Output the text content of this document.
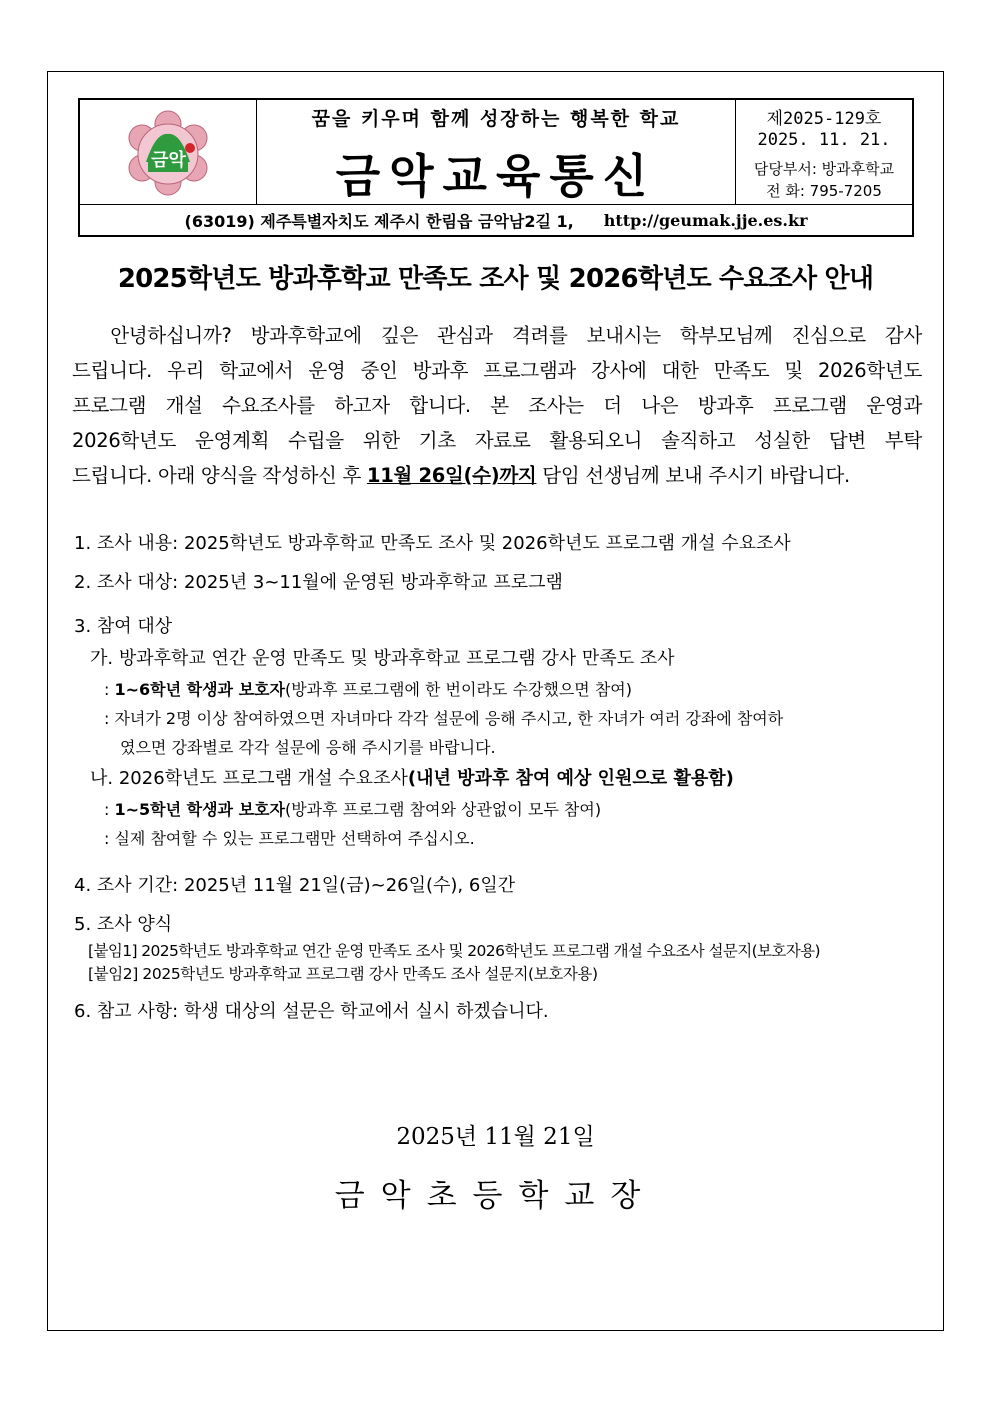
금악
꿈을 키우며 함께 성장하는 행복한 학교
금악교육통신
제2025-129호
2025. 11. 21.
담당부서: 방과후학교
전 화: 795-7205
(63019) 제주특별자치도 제주시 한림읍 금악남2길 1, http://geumak.jje.es.kr
2025학년도 방과후학교 만족도 조사 및 2026학년도 수요조사 안내
안녕하십니까? 방과후학교에 깊은 관심과 격려를 보내시는 학부모님께 진심으로 감사
드립니다. 우리 학교에서 운영 중인 방과후 프로그램과 강사에 대한 만족도 및 2026학년도
프로그램 개설 수요조사를 하고자 합니다. 본 조사는 더 나은 방과후 프로그램 운영과
2026학년도 운영계획 수립을 위한 기초 자료로 활용되오니 솔직하고 성실한 답변 부탁
드립니다. 아래 양식을 작성하신 후 11월 26일(수)까지 담임 선생님께 보내 주시기 바랍니다.
1. 조사 내용: 2025학년도 방과후학교 만족도 조사 및 2026학년도 프로그램 개설 수요조사
2. 조사 대상: 2025년 3~11월에 운영된 방과후학교 프로그램
3. 참여 대상
가. 방과후학교 연간 운영 만족도 및 방과후학교 프로그램 강사 만족도 조사
: 1~6학년 학생과 보호자(방과후 프로그램에 한 번이라도 수강했으면 참여)
: 자녀가 2명 이상 참여하였으면 자녀마다 각각 설문에 응해 주시고, 한 자녀가 여러 강좌에 참여하
였으면 강좌별로 각각 설문에 응해 주시기를 바랍니다.
나. 2026학년도 프로그램 개설 수요조사(내년 방과후 참여 예상 인원으로 활용함)
: 1~5학년 학생과 보호자(방과후 프로그램 참여와 상관없이 모두 참여)
: 실제 참여할 수 있는 프로그램만 선택하여 주십시오.
4. 조사 기간: 2025년 11월 21일(금)~26일(수), 6일간
5. 조사 양식
[붙임1] 2025학년도 방과후학교 연간 운영 만족도 조사 및 2026학년도 프로그램 개설 수요조사 설문지(보호자용)
[붙임2] 2025학년도 방과후학교 프로그램 강사 만족도 조사 설문지(보호자용)
6. 참고 사항: 학생 대상의 설문은 학교에서 실시 하겠습니다.
2025년 11월 21일
금악초등학교장
